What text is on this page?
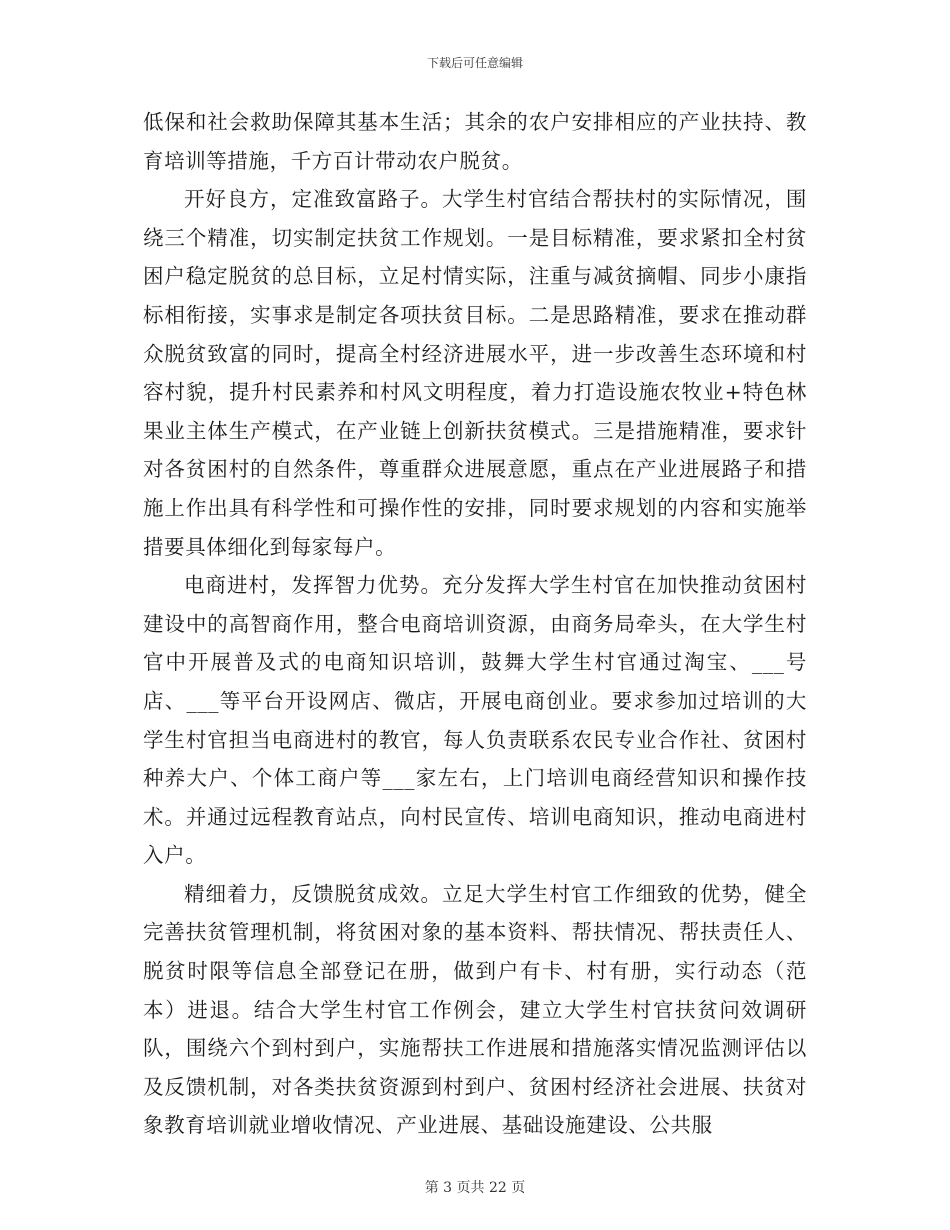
下载后可任意编辑

低保和社会救助保障其基本生活；其余的农户安排相应的产业扶持、教育培训等措施，千方百计带动农户脱贫。

开好良方，定准致富路子。大学生村官结合帮扶村的实际情况，围绕三个精准，切实制定扶贫工作规划。一是目标精准，要求紧扣全村贫困户稳定脱贫的总目标，立足村情实际，注重与减贫摘帽、同步小康指标相衔接，实事求是制定各项扶贫目标。二是思路精准，要求在推动群众脱贫致富的同时，提高全村经济进展水平，进一步改善生态环境和村容村貌，提升村民素养和村风文明程度，着力打造设施农牧业+特色林果业主体生产模式，在产业链上创新扶贫模式。三是措施精准，要求针对各贫困村的自然条件，尊重群众进展意愿，重点在产业进展路子和措施上作出具有科学性和可操作性的安排，同时要求规划的内容和实施举措要具体细化到每家每户。

电商进村，发挥智力优势。充分发挥大学生村官在加快推动贫困村建设中的高智商作用，整合电商培训资源，由商务局牵头，在大学生村官中开展普及式的电商知识培训，鼓舞大学生村官通过淘宝、___号店、___等平台开设网店、微店，开展电商创业。要求参加过培训的大学生村官担当电商进村的教官，每人负责联系农民专业合作社、贫困村种养大户、个体工商户等___家左右，上门培训电商经营知识和操作技术。并通过远程教育站点，向村民宣传、培训电商知识，推动电商进村入户。

精细着力，反馈脱贫成效。立足大学生村官工作细致的优势，健全完善扶贫管理机制，将贫困对象的基本资料、帮扶情况、帮扶责任人、脱贫时限等信息全部登记在册，做到户有卡、村有册，实行动态（范本）进退。结合大学生村官工作例会，建立大学生村官扶贫问效调研队，围绕六个到村到户，实施帮扶工作进展和措施落实情况监测评估以及反馈机制，对各类扶贫资源到村到户、贫困村经济社会进展、扶贫对象教育培训就业增收情况、产业进展、基础设施建设、公共服

第 3 页共 22 页
